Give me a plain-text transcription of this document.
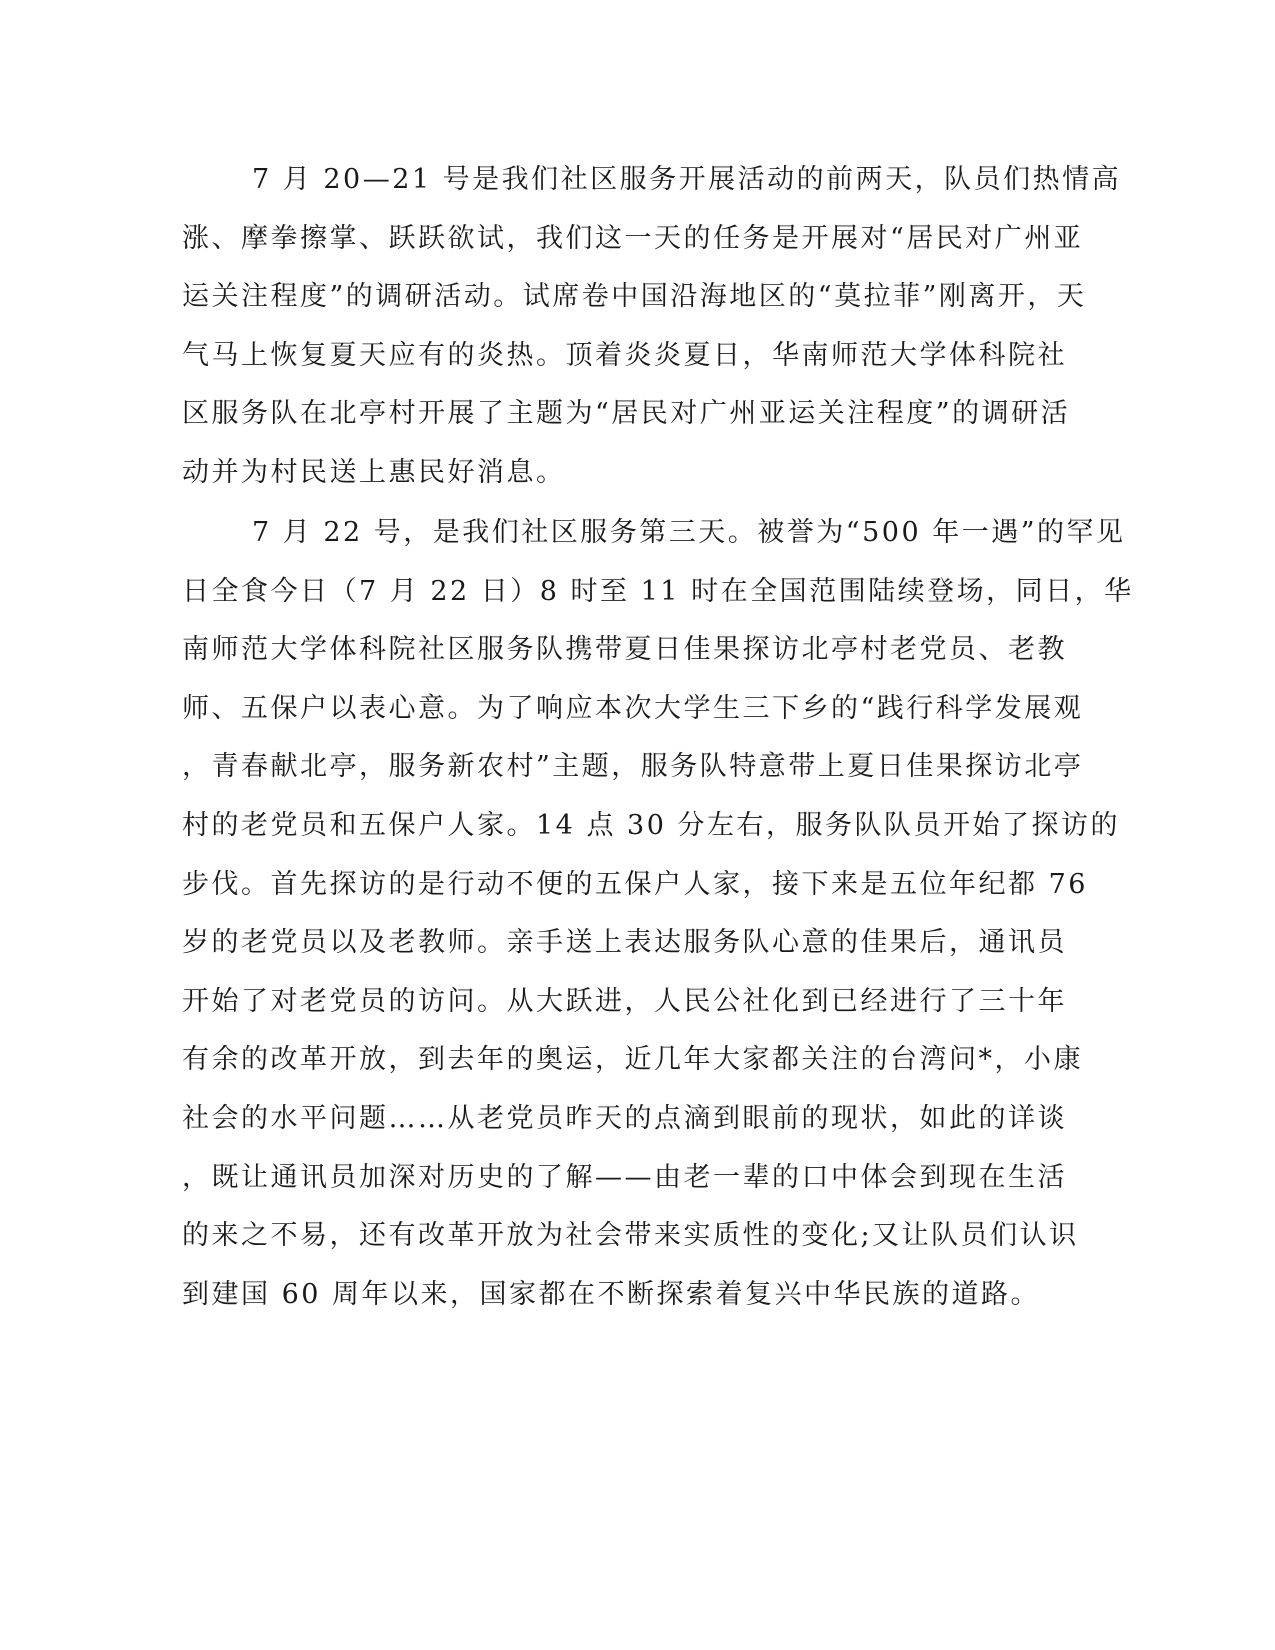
7 月 20—21 号是我们社区服务开展活动的前两天，队员们热情高
涨、摩拳擦掌、跃跃欲试，我们这一天的任务是开展对“居民对广州亚
运关注程度”的调研活动。试席卷中国沿海地区的“莫拉菲”刚离开，天
气马上恢复夏天应有的炎热。顶着炎炎夏日，华南师范大学体科院社
区服务队在北亭村开展了主题为“居民对广州亚运关注程度”的调研活
动并为村民送上惠民好消息。
7 月 22 号，是我们社区服务第三天。被誉为“500 年一遇”的罕见
日全食今日（7 月 22 日）8 时至 11 时在全国范围陆续登场，同日，华
南师范大学体科院社区服务队携带夏日佳果探访北亭村老党员、老教
师、五保户以表心意。为了响应本次大学生三下乡的“践行科学发展观
，青春献北亭，服务新农村”主题，服务队特意带上夏日佳果探访北亭
村的老党员和五保户人家。14 点 30 分左右，服务队队员开始了探访的
步伐。首先探访的是行动不便的五保户人家，接下来是五位年纪都 76
岁的老党员以及老教师。亲手送上表达服务队心意的佳果后，通讯员
开始了对老党员的访问。从大跃进，人民公社化到已经进行了三十年
有余的改革开放，到去年的奥运，近几年大家都关注的台湾问*，小康
社会的水平问题……从老党员昨天的点滴到眼前的现状，如此的详谈
，既让通讯员加深对历史的了解——由老一辈的口中体会到现在生活
的来之不易，还有改革开放为社会带来实质性的变化;又让队员们认识
到建国 60 周年以来，国家都在不断探索着复兴中华民族的道路。
